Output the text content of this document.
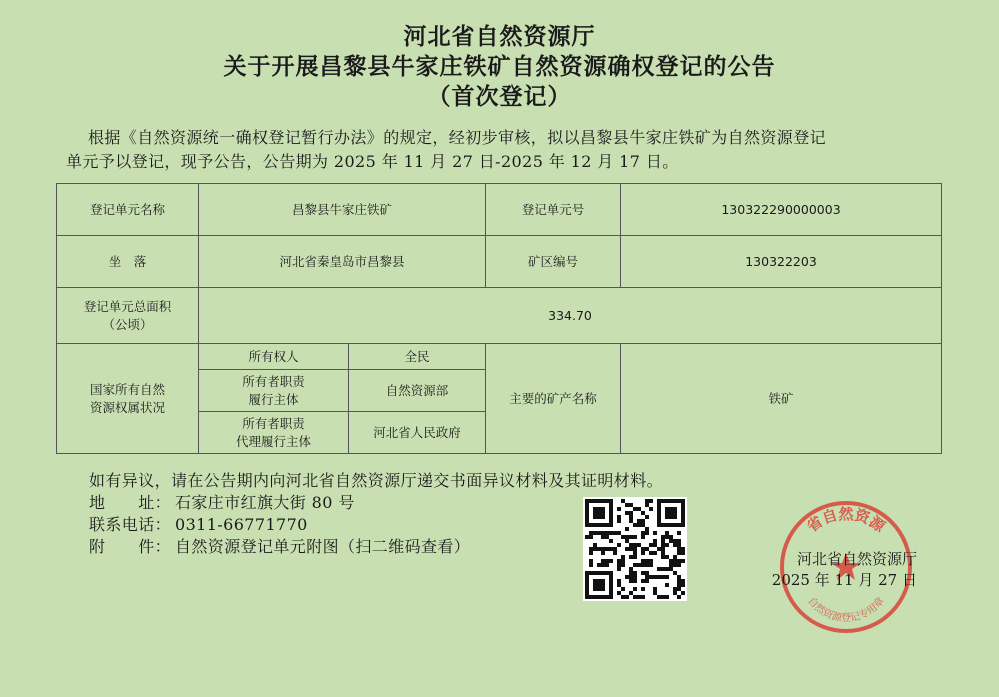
河北省自然资源厅
关于开展昌黎县牛家庄铁矿自然资源确权登记的公告
（首次登记）
根据《自然资源统一确权登记暂行办法》的规定，经初步审核，拟以昌黎县牛家庄铁矿为自然资源登记
单元予以登记，现予公告，公告期为 2025 年 11 月 27 日-2025 年 12 月 17 日。
登记单元名称	昌黎县牛家庄铁矿		登记单元号	130322290000003
坐　落	河北省秦皇岛市昌黎县		矿区编号	130322203

登记单元总面积
（公顷）	334.70			

国家所有自然
资源权属状况	所有权人	全民	主要的矿产名称	铁矿

	所有者职责
履行主体	自然资源部		

	所有者职责
代理履行主体	河北省人民政府		
如有异议，请在公告期内向河北省自然资源厅递交书面异议材料及其证明材料。
地　　址： 石家庄市红旗大街 80 号
联系电话： 0311-66771770
附　　件： 自然资源登记单元附图（扫二维码查看）
省自然资源
自然资源登记专用章
河北省自然资源厅
2025 年 11 月 27 日
